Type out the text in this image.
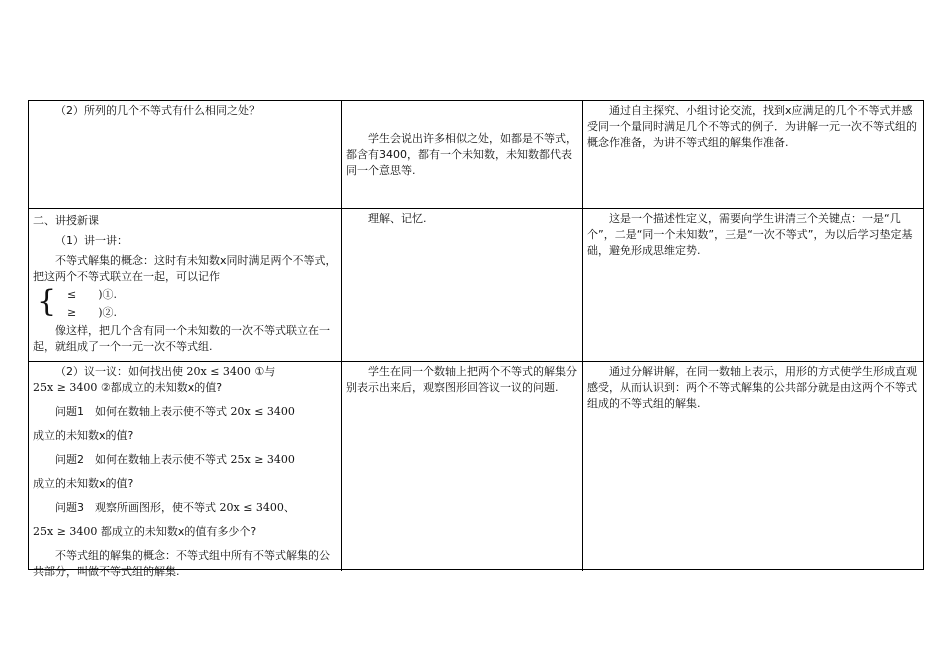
（2）所列的几个不等式有什么相同之处？

学生会说出许多相似之处，如都是不等式，都含有3400，都有一个未知数，未知数都代表同一个意思等.

通过自主探究、小组讨论交流，找到x应满足的几个不等式并感受同一个量同时满足几个不等式的例子．为讲解一元一次不等式组的概念作准备，为讲不等式组的解集作准备.

二、讲授新课

（1）讲一讲：

不等式解集的概念：这时有未知数x同时满足两个不等式，把这两个不等式联立在一起，可以记作

{ ≤　　)①.
≥　　)②.

像这样，把几个含有同一个未知数的一次不等式联立在一起，就组成了一个一元一次不等式组.

理解、记忆.	这是一个描述性定义，需要向学生讲清三个关键点：一是“几个”，二是“同一个未知数”，三是“一次不等式”，为以后学习垫定基础，避免形成思维定势.

（2）议一议：如何找出使 20x ≤ 3400 ①与
25x ≥ 3400 ②都成立的未知数x的值?

问题1　如何在数轴上表示使不等式 20x ≤ 3400

成立的未知数x的值?

问题2　如何在数轴上表示使不等式 25x ≥ 3400

成立的未知数x的值?

问题3　观察所画图形，使不等式 20x ≤ 3400、

25x ≥ 3400 都成立的未知数x的值有多少个?

不等式组的解集的概念：不等式组中所有不等式解集的公共部分，叫做不等式组的解集.

学生在同一个数轴上把两个不等式的解集分别表示出来后，观察图形回答议一议的问题.

通过分解讲解，在同一数轴上表示，用形的方式使学生形成直观感受，从而认识到：两个不等式解集的公共部分就是由这两个不等式组成的不等式组的解集.
